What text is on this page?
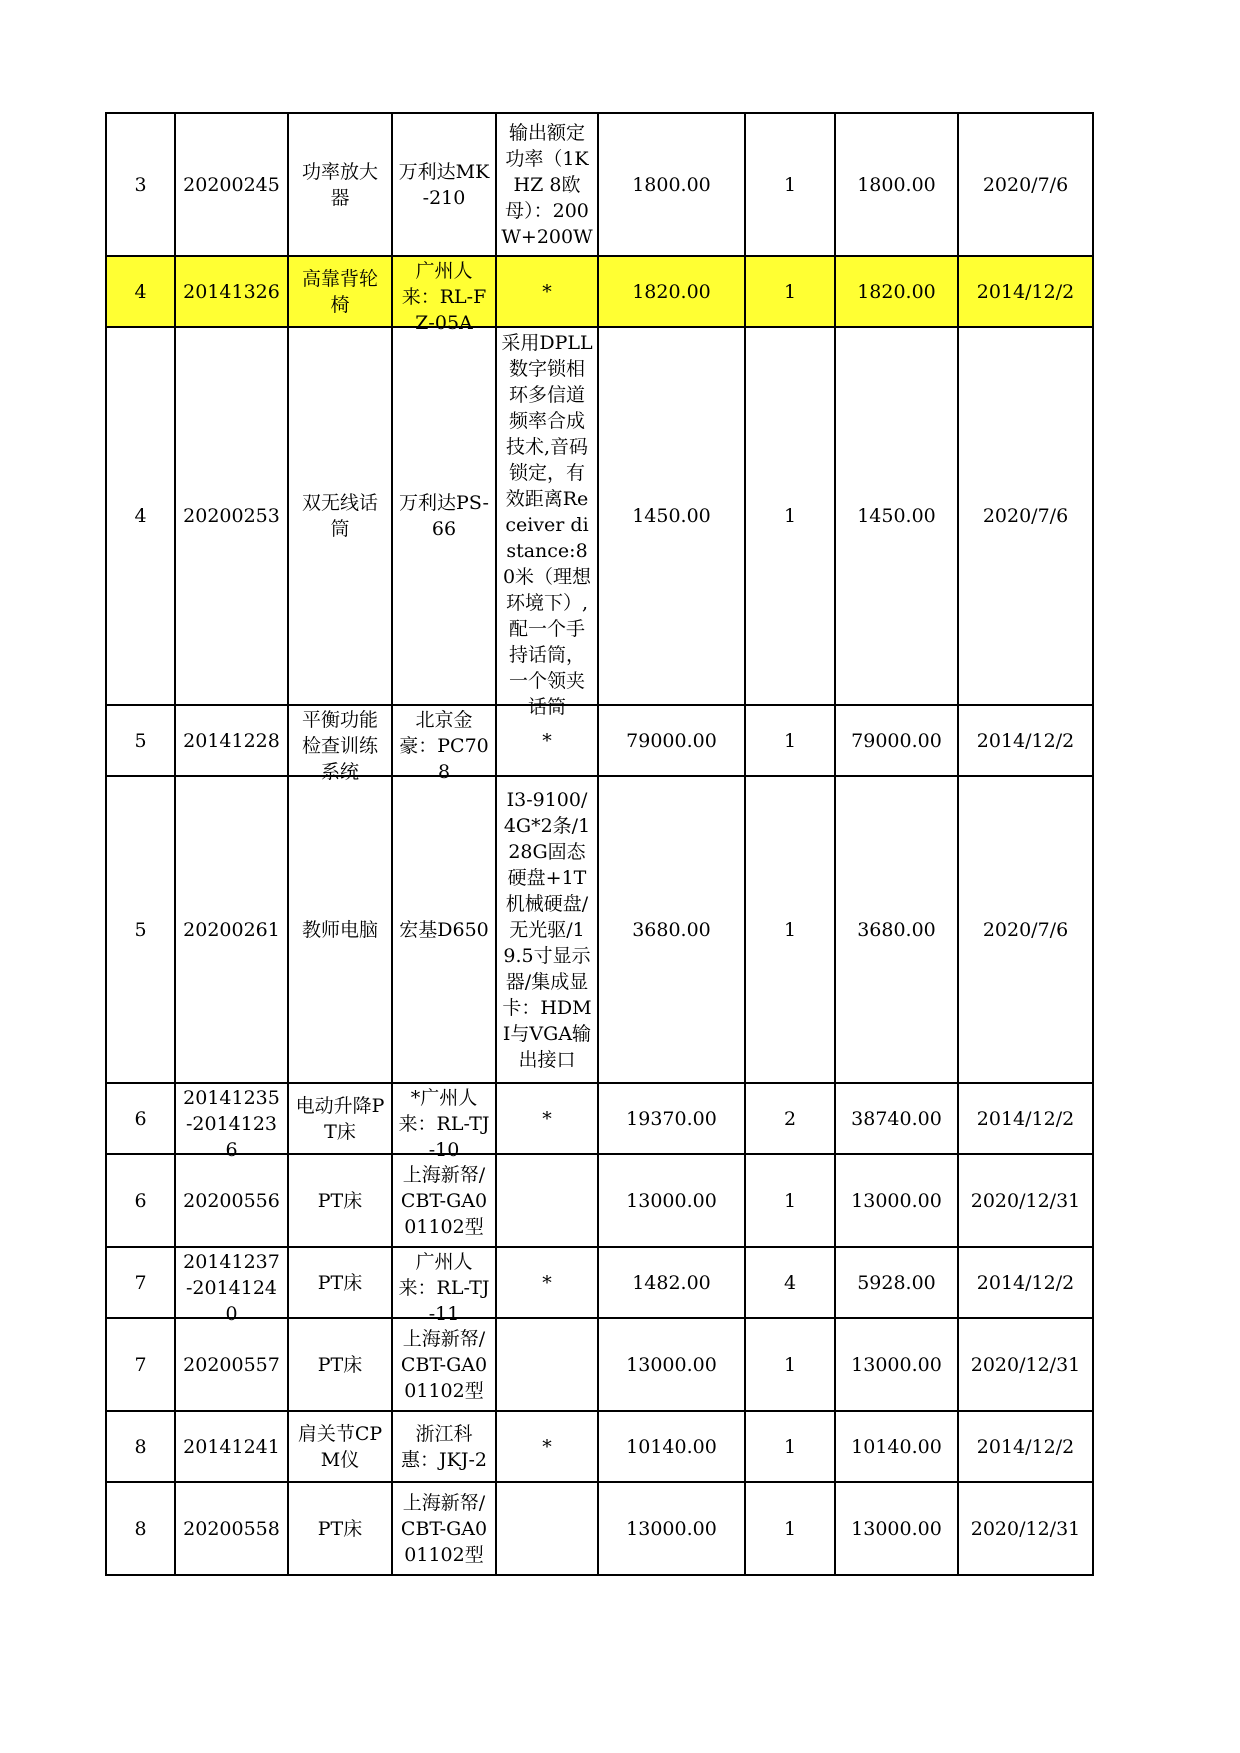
3	20200245	功率放大器	万利达MK-210	输出额定功率（1KHZ 8欧母）：200W+200W	1800.00	1	1800.00	2020/7/6
4	20141326	高靠背轮椅	广州人来：RL-FZ-05A	*	1820.00	1	1820.00	2014/12/2
4	20200253	双无线话筒	万利达PS-66	采用DPLL数字锁相环多信道频率合成技术,音码锁定，有效距离Receiver distance:80米（理想环境下）,配一个手持话筒，一个领夹话筒	1450.00	1	1450.00	2020/7/6
5	20141228	平衡功能检查训练系统	北京金豪：PC708	*	79000.00	1	79000.00	2014/12/2
5	20200261	教师电脑	宏基D650	I3-9100/4G*2条/128G固态硬盘+1T机械硬盘/无光驱/19.5寸显示器/集成显卡：HDMI与VGA输出接口	3680.00	1	3680.00	2020/7/6
6	20141235-20141236	电动升降PT床	*广州人来：RL-TJ-10	*	19370.00	2	38740.00	2014/12/2
6	20200556	PT床	上海新帑/CBT-GA001102型		13000.00	1	13000.00	2020/12/31
7	20141237-20141240	PT床	广州人来：RL-TJ-11	*	1482.00	4	5928.00	2014/12/2
7	20200557	PT床	上海新帑/CBT-GA001102型		13000.00	1	13000.00	2020/12/31
8	20141241	肩关节CPM仪	浙江科惠：JKJ-2	*	10140.00	1	10140.00	2014/12/2
8	20200558	PT床	上海新帑/CBT-GA001102型		13000.00	1	13000.00	2020/12/31
